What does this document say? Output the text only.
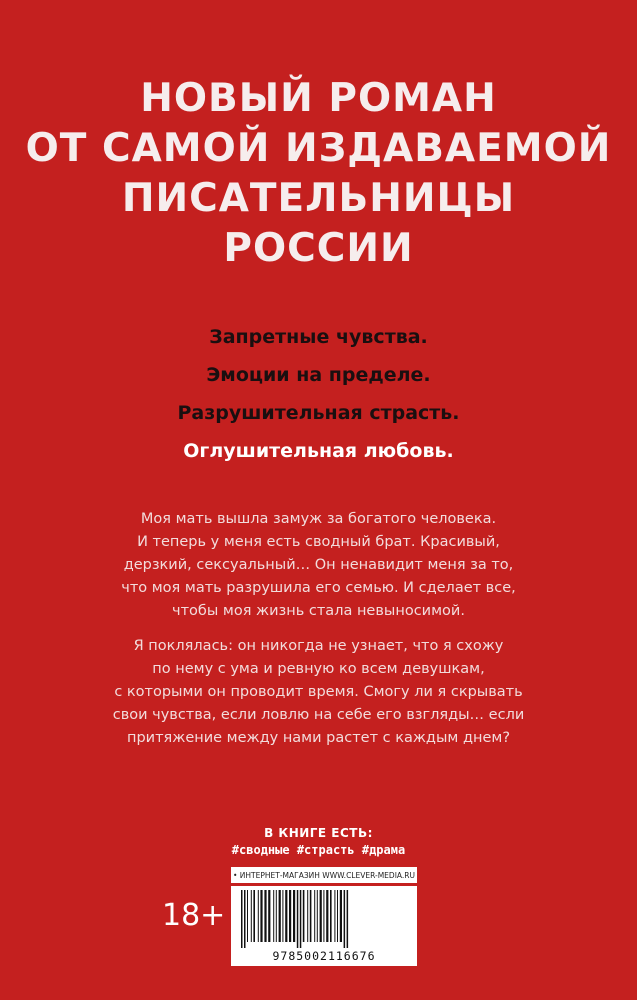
НОВЫЙ РОМАН
ОТ САМОЙ ИЗДАВАЕМОЙ
ПИСАТЕЛЬНИЦЫ
РОССИИ
Запретные чувства.
Эмоции на пределе.
Разрушительная страсть.
Оглушительная любовь.
Моя мать вышла замуж за богатого человека.
И теперь у меня есть сводный брат. Красивый,
дерзкий, сексуальный… Он ненавидит меня за то,
что моя мать разрушила его семью. И сделает все,
чтобы моя жизнь стала невыносимой.
Я поклялась: он никогда не узнает, что я схожу
по нему с ума и ревную ко всем девушкам,
с которыми он проводит время. Смогу ли я скрывать
свои чувства, если ловлю на себе его взгляды… если
притяжение между нами растет с каждым днем?
В КНИГЕ ЕСТЬ:
#сводные #страсть #драма
• ИНТЕРНЕТ-МАГАЗИН WWW.CLEVER-MEDIA.RU
18+
9785002116676
